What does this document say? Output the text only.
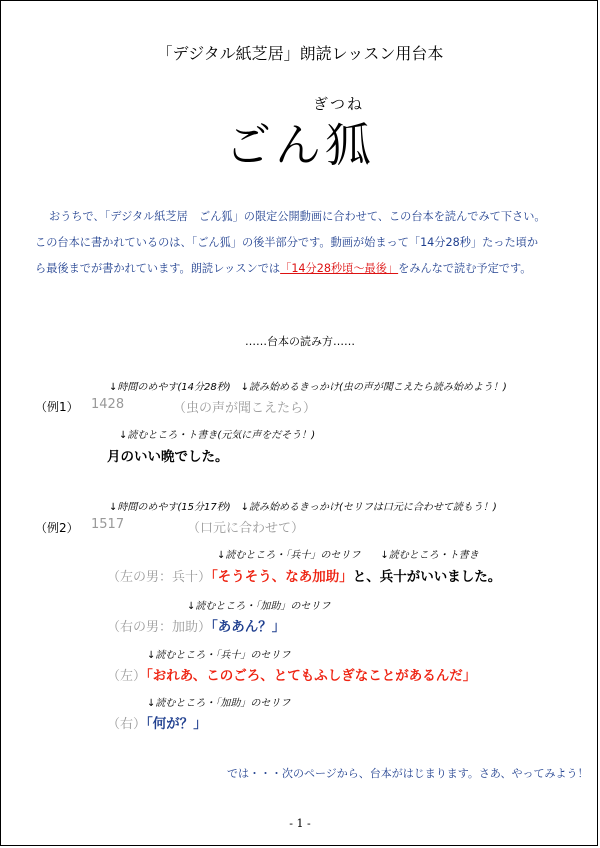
「デジタル紙芝居」朗読レッスン用台本
ぎつね
ごん狐
おうちで、「デジタル紙芝居　ごん狐」の限定公開動画に合わせて、この台本を読んでみて下さい。
この台本に書かれているのは、「ごん狐」の後半部分です。動画が始まって「14分28秒」たった頃か
ら最後までが書かれています。朗読レッスンでは「14分28秒頃～最後」をみんなで読む予定です。
……台本の読み方……
↓時間のめやす(14分28秒)　↓読み始めるきっかけ(虫の声が聞こえたら読み始めよう！)
（例1） 1428	（虫の声が聞こえたら）
↓読むところ・ト書き(元気に声をだそう！)
月のいい晩でした。
↓時間のめやす(15分17秒)　↓読み始めるきっかけ(セリフは口元に合わせて読もう！)
（例2） 1517	（口元に合わせて）
↓読むところ・「兵十」のセリフ　　↓読むところ・ト書き
（左の男：兵十）「そうそう、なあ加助」と、兵十がいいました。
↓読むところ・「加助」のセリフ
（右の男：加助）「ああん？」
↓読むところ・「兵十」のセリフ
（左）「おれあ、このごろ、とてもふしぎなことがあるんだ」
↓読むところ・「加助」のセリフ
（右）「何が？」
では・・・次のページから、台本がはじまります。さあ、やってみよう！
- 1 -
